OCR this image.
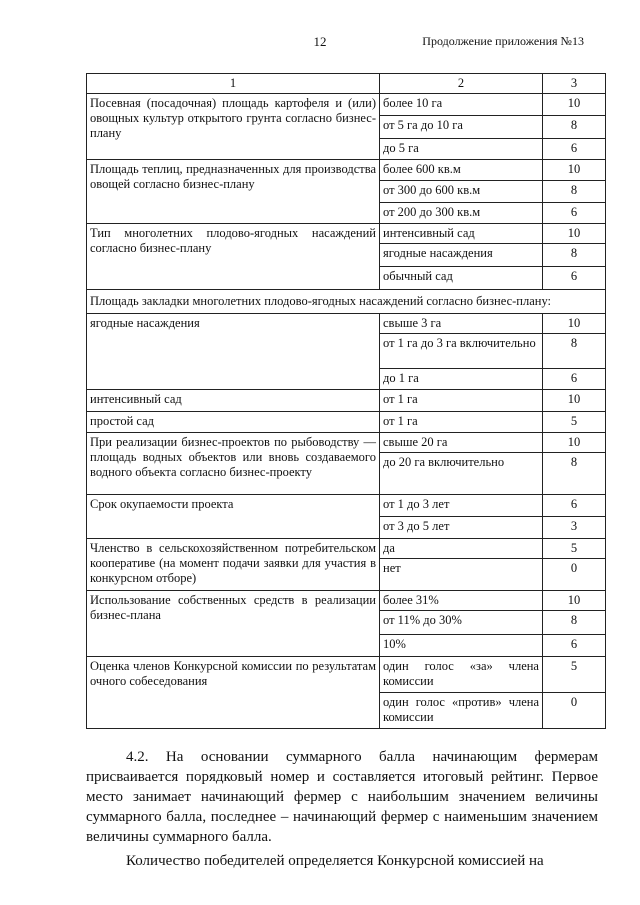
12	Продолжение приложения №13
1	2	3
Посевная (посадочная) площадь картофеля и (или) овощных культур открытого грунта согласно бизнес-плану	более 10 га	10
	от 5 га до 10 га	8
	до 5 га	6
Площадь теплиц, предназначенных для производства овощей согласно бизнес-плану	более 600 кв.м	10
	от 300 до 600 кв.м	8
	от 200 до 300 кв.м	6
Тип многолетних плодово-ягодных насаждений согласно бизнес-плану	интенсивный сад	10
	ягодные насаждения	8
	обычный сад	6
Площадь закладки многолетних плодово-ягодных насаждений согласно бизнес-плану:		
ягодные насаждения	свыше 3 га	10
	от 1 га до 3 га включительно	8
	до 1 га	6
интенсивный сад	от 1 га	10
простой сад	от 1 га	5
При реализации бизнес-проектов по рыбоводству — площадь водных объектов или вновь создаваемого водного объекта согласно бизнес-проекту	свыше 20 га	10
	до 20 га включительно	8
Срок окупаемости проекта	от 1 до 3 лет	6
	от 3 до 5 лет	3
Членство в сельскохозяйственном потребительском кооперативе (на момент подачи заявки для участия в конкурсном отборе)	да	5
	нет	0
Использование собственных средств в реализации бизнес-плана	более 31%	10
	от 11% до 30%	8
	10%	6
Оценка членов Конкурсной комиссии по результатам очного собеседования	один голос «за» члена комиссии	5
	один голос «против» члена комиссии	0
4.2. На основании суммарного балла начинающим фермерам присваивается порядковый номер и составляется итоговый рейтинг. Первое место занимает начинающий фермер с наибольшим значением величины суммарного балла, последнее – начинающий фермер с наименьшим значением величины суммарного балла.
Количество победителей определяется Конкурсной комиссией на
